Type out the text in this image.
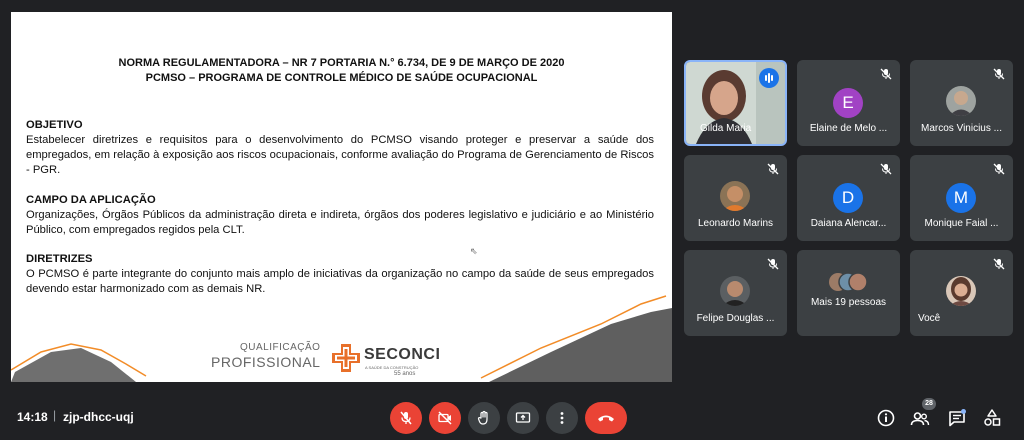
NORMA REGULAMENTADORA – NR 7 PORTARIA N.° 6.734, DE 9 DE MARÇO DE 2020
PCMSO – PROGRAMA DE CONTROLE MÉDICO DE SAÚDE OCUPACIONAL
OBJETIVO
Estabelecer diretrizes e requisitos para o desenvolvimento do PCMSO visando proteger e preservar a saúde dos empregados, em relação à exposição aos riscos ocupacionais, conforme avaliação do Programa de Gerenciamento de Riscos - PGR.
CAMPO DA APLICAÇÃO
Organizações, Órgãos Públicos da administração direta e indireta, órgãos dos poderes legislativo e judiciário e ao Ministério Público, com empregados regidos pela CLT.
DIRETRIZES
O PCMSO é parte integrante do conjunto mais amplo de iniciativas da organização no campo da saúde de seus empregados devendo estar harmonizado com as demais NR.
⇖
QUALIFICAÇÃO
PROFISSIONAL	SECONCI
A SAÚDE DA CONSTRUÇÃO
55 anos
Gilda Maria
E
Elaine de Melo ...	Marcos Vinicius ...
Leonardo Marins
D
Daiana Alencar...
M
Monique Faial ...
Felipe Douglas ...
Mais 19 pessoas
Você
14:18 | zjp-dhcc-uqj
28
